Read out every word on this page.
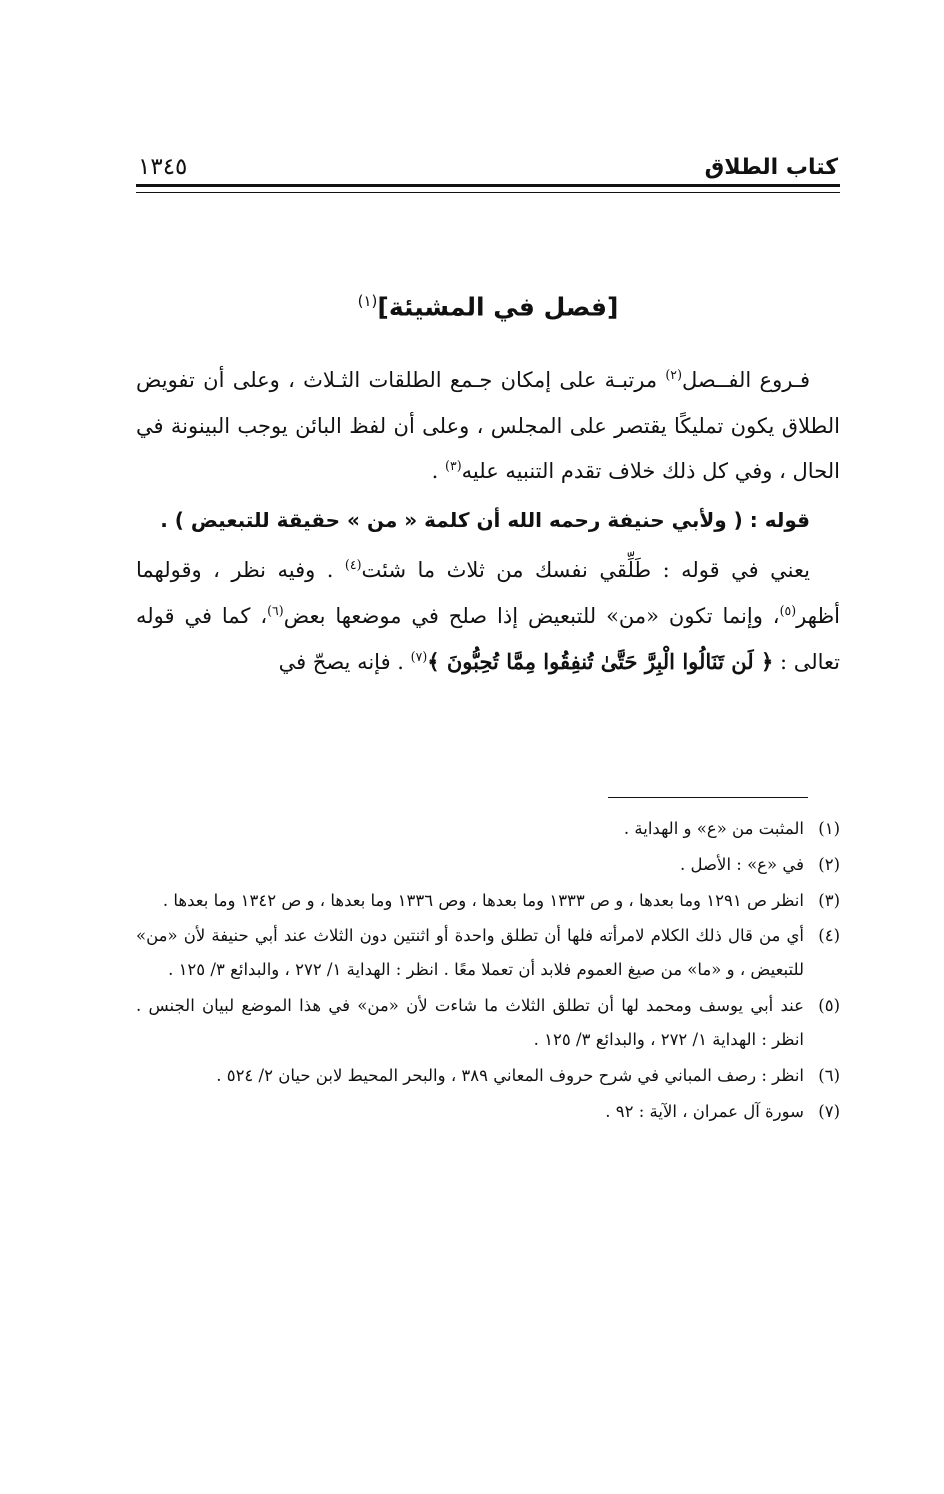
كتاب الطلاق
١٣٤٥
[فصل في المشيئة]$^{(١)}$

فـروع الفــصل$^{(٢)}$ مرتبـة على إمكان جـمع الطلقات الثـلاث ، وعلى أن تفويض الطلاق يكون تمليكًا يقتصر على المجلس ، وعلى أن لفظ البائن يوجب البينونة في الحال ، وفي كل ذلك خلاف تقدم التنبيه عليه$^{(٣)}$ .

قوله : ( ولأبي حنيفة رحمه الله أن كلمة « من » حقيقة للتبعيض ) .

يعني في قوله : طَلِّقي نفسك من ثلاث ما شئت$^{(٤)}$ . وفيه نظر ، وقولهما أظهر$^{(٥)}$، وإنما تكون «من» للتبعيض إذا صلح في موضعها بعض$^{(٦)}$، كما في قوله تعالى : ﴿ لَن تَنَالُوا الْبِرَّ حَتَّىٰ تُنفِقُوا مِمَّا تُحِبُّونَ ﴾$^{(٧)}$ . فإنه يصحّ في

(١)
المثبت من «ع» و الهداية .
(٢)
في «ع» : الأصل .
(٣)
انظر ص ١٢٩١ وما بعدها ، و ص ١٣٣٣ وما بعدها ، وص ١٣٣٦ وما بعدها ، و ص ١٣٤٢ وما بعدها .
(٤)
أي من قال ذلك الكلام لامرأته فلها أن تطلق واحدة أو اثنتين دون الثلاث عند أبي حنيفة لأن «من» للتبعيض ، و «ما» من صيغ العموم فلابد أن تعملا معًا . انظر : الهداية ١/ ٢٧٢ ، والبدائع ٣/ ١٢٥ .
(٥)
عند أبي يوسف ومحمد لها أن تطلق الثلاث ما شاءت لأن «من» في هذا الموضع لبيان الجنس . انظر : الهداية ١/ ٢٧٢ ، والبدائع ٣/ ١٢٥ .
(٦)
انظر : رصف المباني في شرح حروف المعاني ٣٨٩ ، والبحر المحيط لابن حيان ٢/ ٥٢٤ .
(٧)
سورة آل عمران ، الآية : ٩٢ .
